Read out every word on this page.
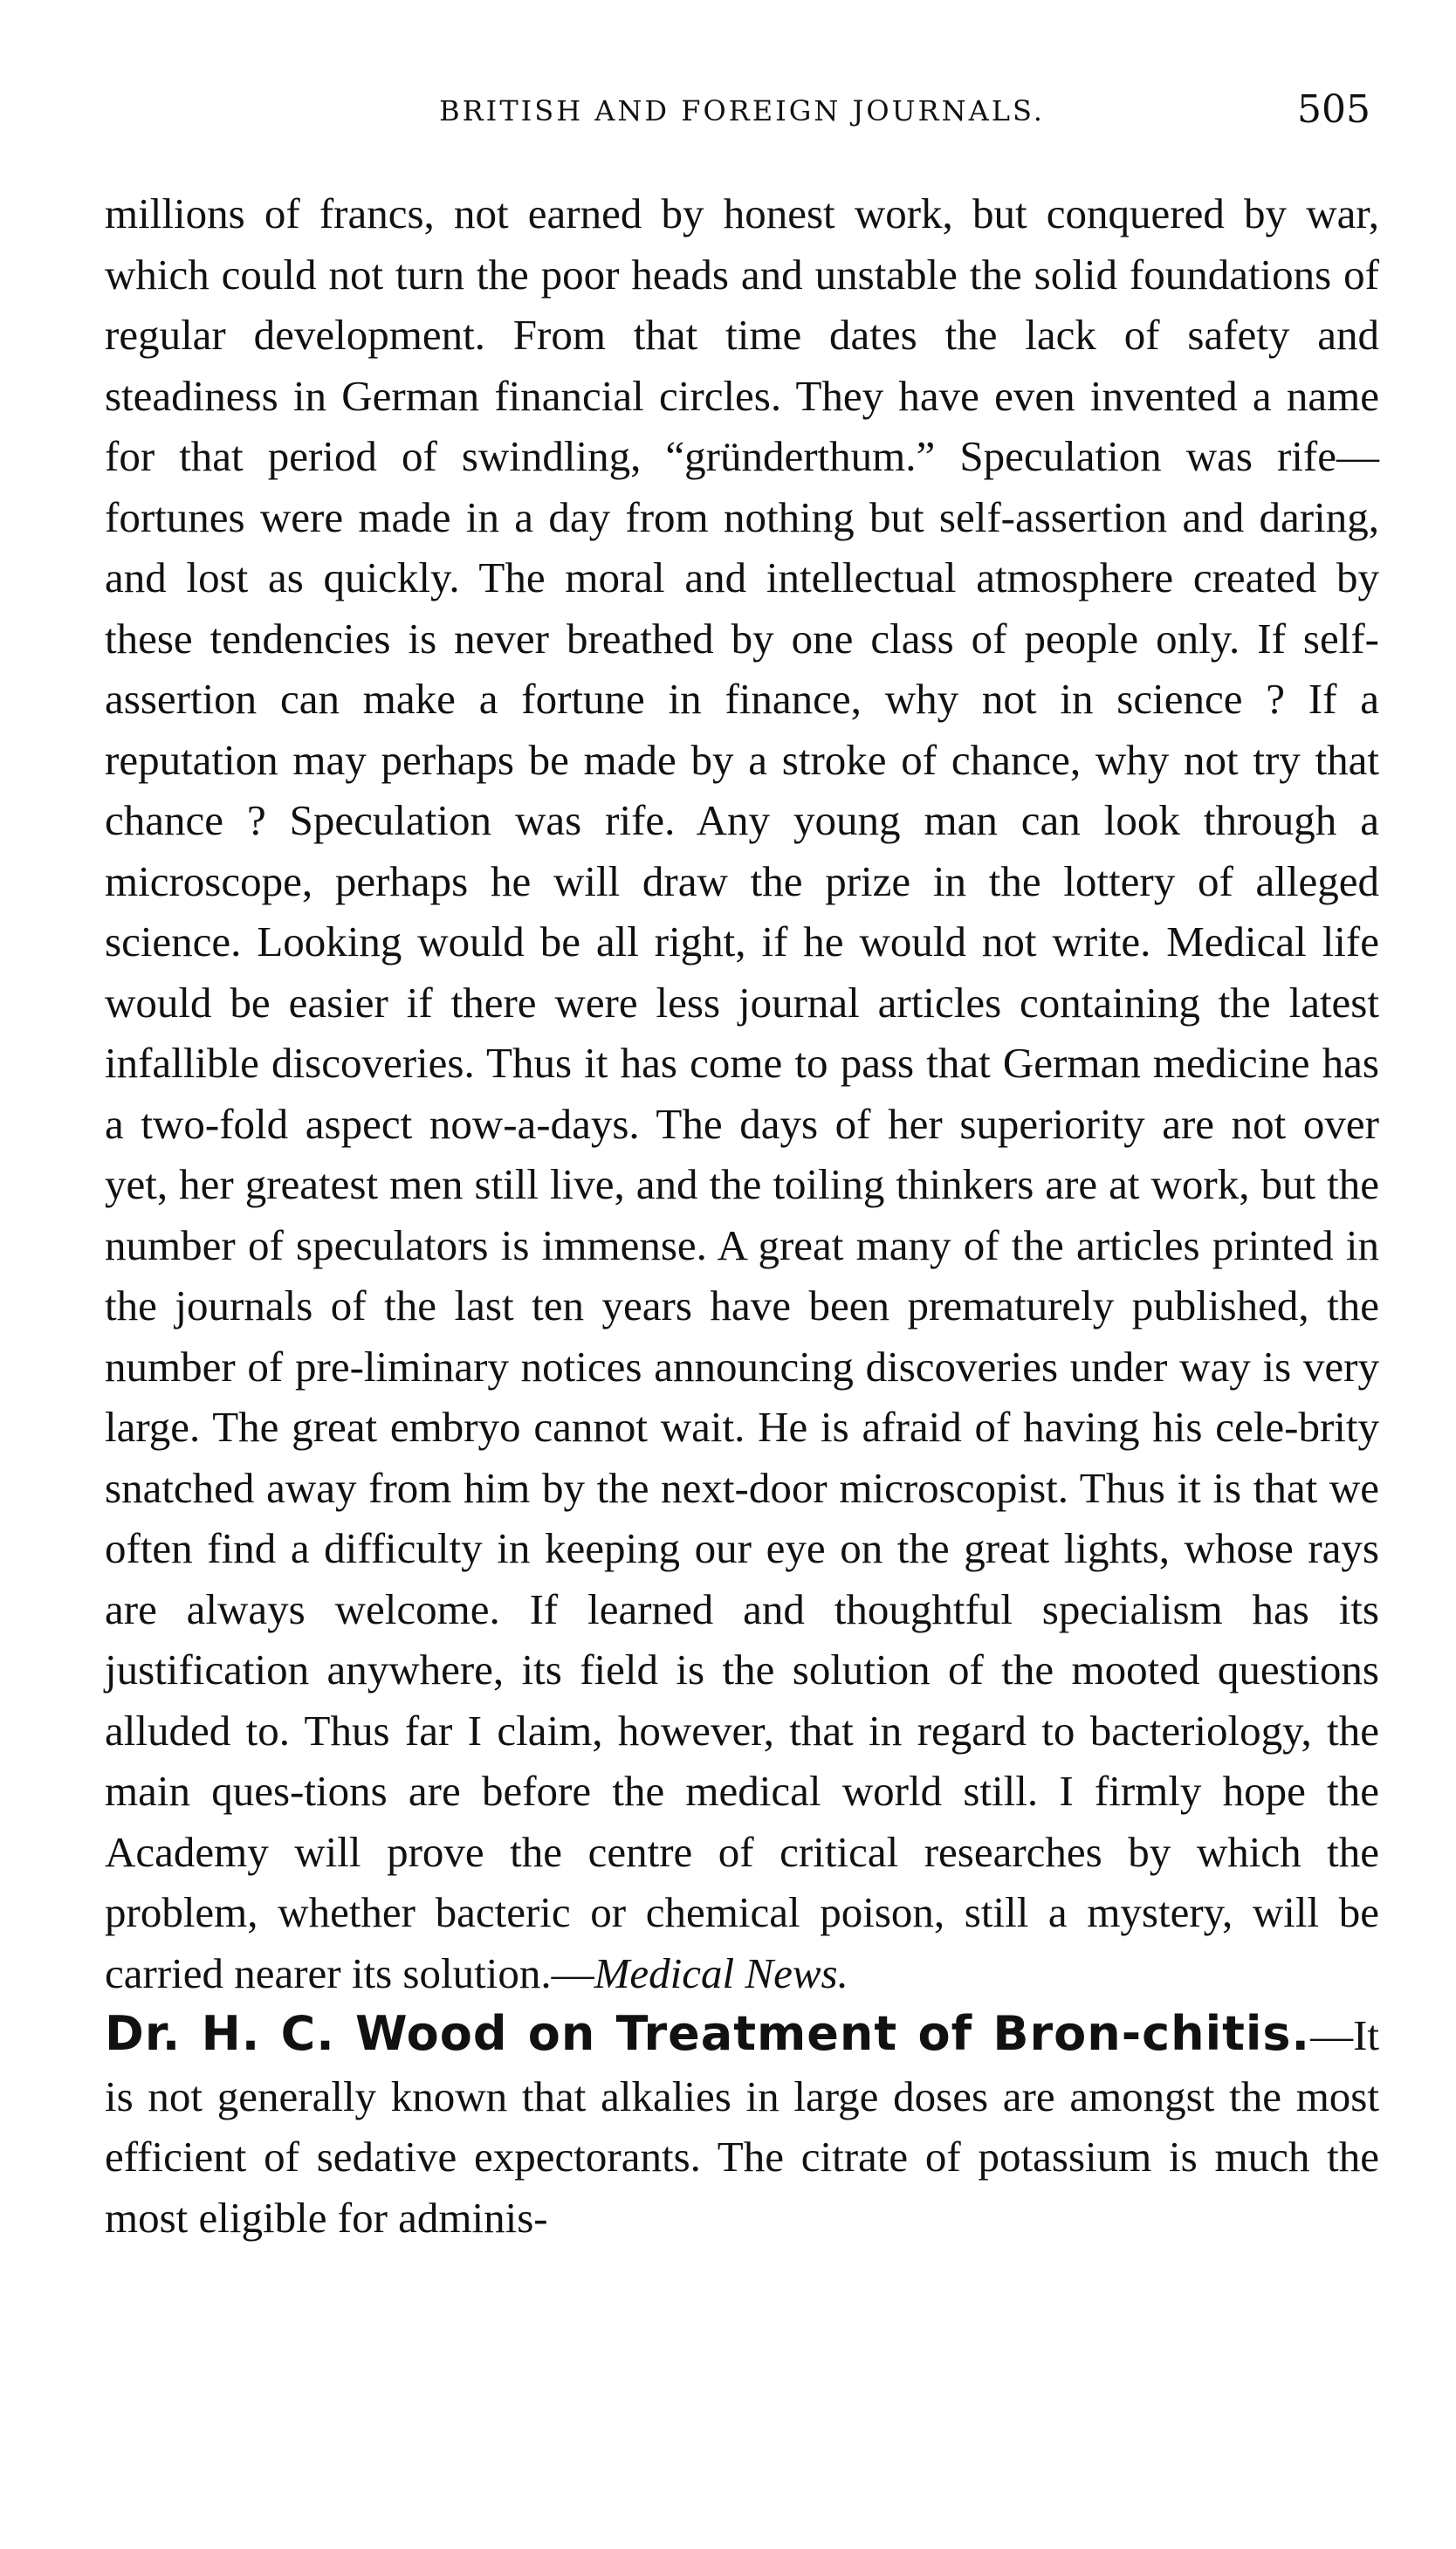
BRITISH AND FOREIGN JOURNALS.	505

millions of francs, not earned by honest work, but conquered by war, which could not turn the poor heads and unstable the solid foundations of regular development. From that time dates the lack of safety and steadiness in German financial circles. They have even invented a name for that period of swindling, “gründerthum.” Speculation was rife—fortunes were made in a day from nothing but self-assertion and daring, and lost as quickly. The moral and intellectual atmosphere created by these tendencies is never breathed by one class of people only. If self-assertion can make a fortune in finance, why not in science ? If a reputation may perhaps be made by a stroke of chance, why not try that chance ? Speculation was rife. Any young man can look through a microscope, perhaps he will draw the prize in the lottery of alleged science. Looking would be all right, if he would not write. Medical life would be easier if there were less journal articles containing the latest infallible discoveries. Thus it has come to pass that German medicine has a two-fold aspect now-a-days. The days of her superiority are not over yet, her greatest men still live, and the toiling thinkers are at work, but the number of speculators is immense. A great many of the articles printed in the journals of the last ten years have been prematurely published, the number of pre-liminary notices announcing discoveries under way is very large. The great embryo cannot wait. He is afraid of having his cele-brity snatched away from him by the next-door microscopist. Thus it is that we often find a difficulty in keeping our eye on the great lights, whose rays are always welcome. If learned and thoughtful specialism has its justification anywhere, its field is the solution of the mooted questions alluded to. Thus far I claim, however, that in regard to bacteriology, the main ques-tions are before the medical world still. I firmly hope the Academy will prove the centre of critical researches by which the problem, whether bacteric or chemical poison, still a mystery, will be carried nearer its solution.—Medical News.

Dr. H. C. Wood on Treatment of Bron-chitis.—It is not generally known that alkalies in large doses are amongst the most efficient of sedative expectorants. The citrate of potassium is much the most eligible for adminis-
